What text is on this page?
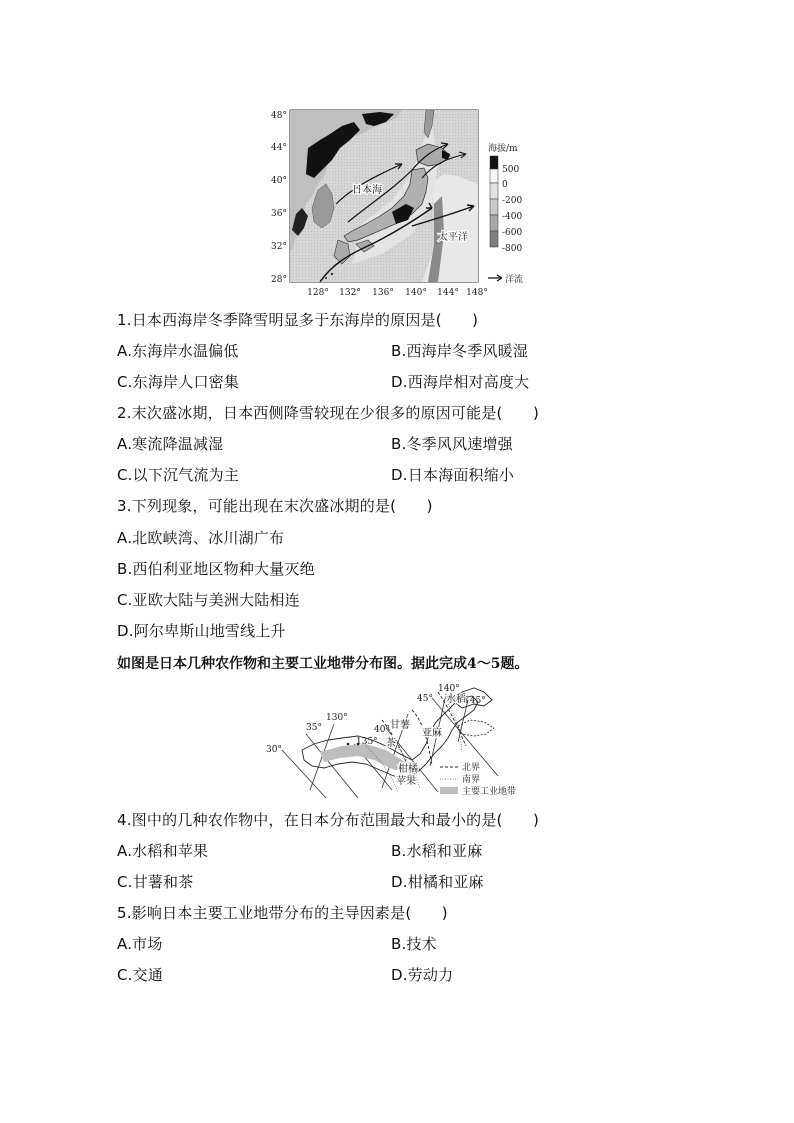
日本海
太平洋
48°
44°
40°
36°
32°
28°
128° 132° 136° 140° 144° 148°
海拔/m
500
0
-200
-400
-600
-800
洋流
1.日本西海岸冬季降雪明显多于东海岸的原因是(　　)
A.东海岸水温偏低	B.西海岸冬季风暖湿
C.东海岸人口密集	D.西海岸相对高度大
2.末次盛冰期，日本西侧降雪较现在少很多的原因可能是(　　)
A.寒流降温减湿	B.冬季风风速增强
C.以下沉气流为主	D.日本海面积缩小
3.下列现象，可能出现在末次盛冰期的是(　　)
A.北欧峡湾、冰川湖广布
B.西伯利亚地区物种大量灭绝
C.亚欧大陆与美洲大陆相连
D.阿尔卑斯山地雪线上升
如图是日本几种农作物和主要工业地带分布图。据此完成4～5题。
140°
45°	145°
130°
35°	40°
135°
30°
水稻
甘薯
茶
亚麻
柑橘
苹果
北界
南界
主要工业地带
4.图中的几种农作物中，在日本分布范围最大和最小的是(　　)
A.水稻和苹果	B.水稻和亚麻
C.甘薯和茶	D.柑橘和亚麻
5.影响日本主要工业地带分布的主导因素是(　　)
A.市场	B.技术
C.交通	D.劳动力
